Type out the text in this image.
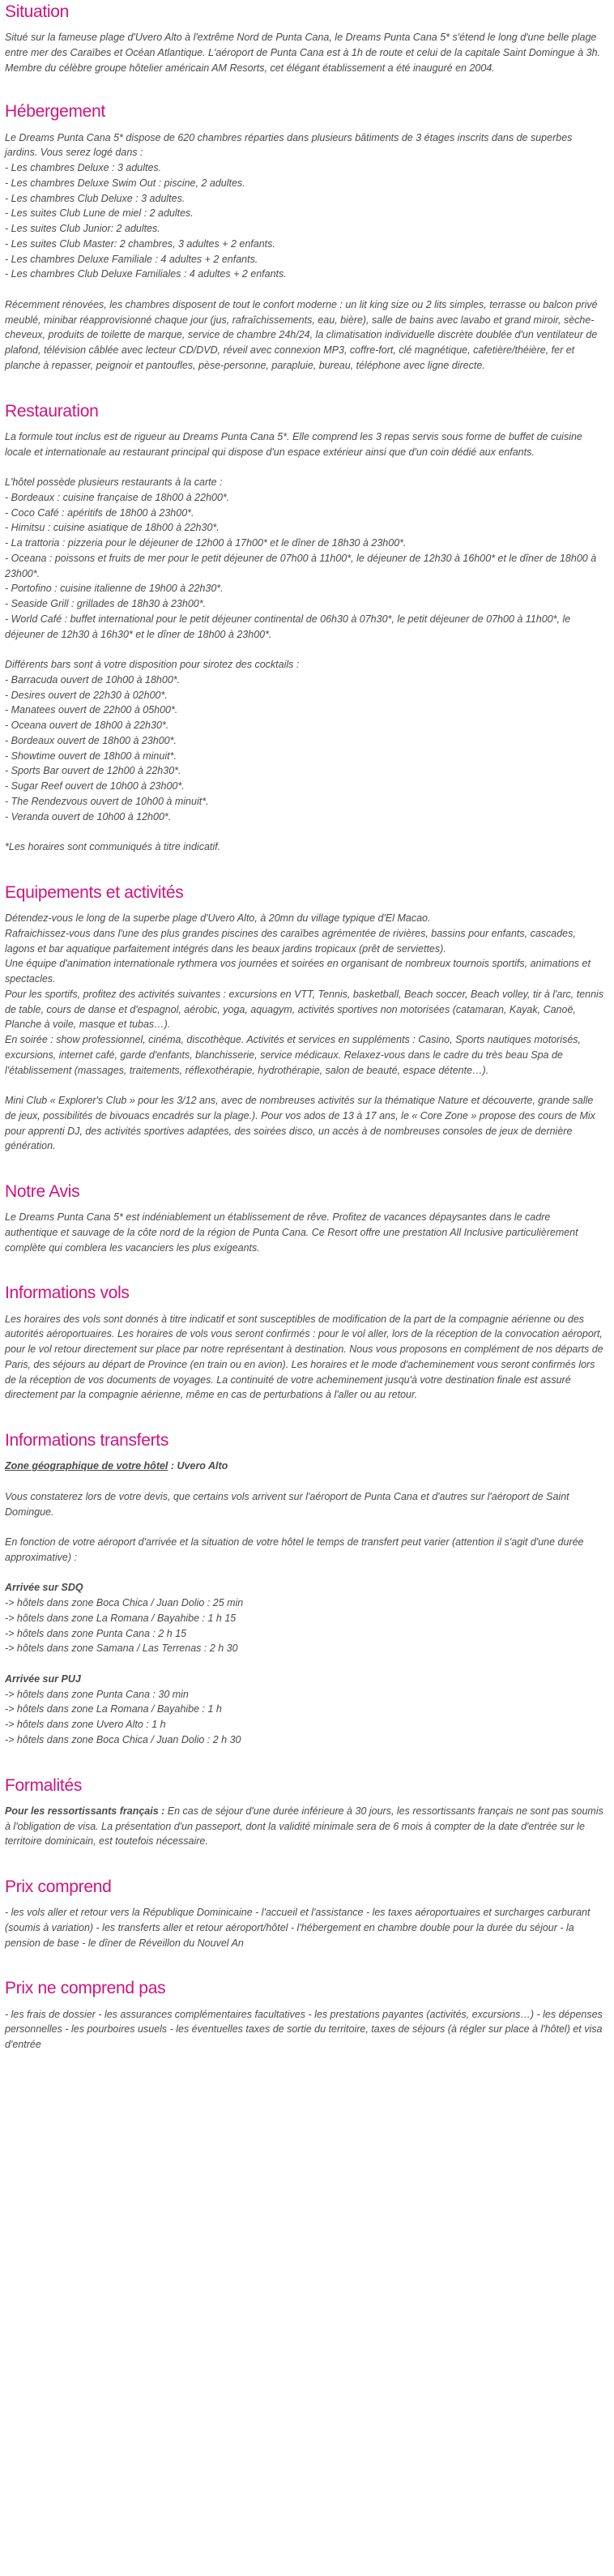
Situation

Situé sur la fameuse plage d'Uvero Alto à l'extrême Nord de Punta Cana, le Dreams Punta Cana 5* s'étend le long d'une belle plage entre mer des Caraïbes et Océan Atlantique. L'aéroport de Punta Cana est à 1h de route et celui de la capitale Saint Domingue à 3h.

Membre du célèbre groupe hôtelier américain AM Resorts, cet élégant établissement a été inauguré en 2004.

Hébergement

Le Dreams Punta Cana 5* dispose de 620 chambres réparties dans plusieurs bâtiments de 3 étages inscrits dans de superbes jardins. Vous serez logé dans :

- Les chambres Deluxe : 3 adultes.
- Les chambres Deluxe Swim Out : piscine, 2 adultes.
- Les chambres Club Deluxe : 3 adultes.
- Les suites Club Lune de miel : 2 adultes.
- Les suites Club Junior: 2 adultes.
- Les suites Club Master: 2 chambres, 3 adultes + 2 enfants.
- Les chambres Deluxe Familiale : 4 adultes + 2 enfants.
- Les chambres Club Deluxe Familiales : 4 adultes + 2 enfants.

Récemment rénovées, les chambres disposent de tout le confort moderne : un lit king size ou 2 lits simples, terrasse ou balcon privé meublé, minibar réapprovisionné chaque jour (jus, rafraîchissements, eau, bière), salle de bains avec lavabo et grand miroir, sèche-cheveux, produits de toilette de marque, service de chambre 24h/24, la climatisation individuelle discrète doublée d'un ventilateur de plafond, télévision câblée avec lecteur CD/DVD, réveil avec connexion MP3, coffre-fort, clé magnétique, cafetière/théière, fer et planche à repasser, peignoir et pantoufles, pèse-personne, parapluie, bureau, téléphone avec ligne directe.

Restauration

La formule tout inclus est de rigueur au Dreams Punta Cana 5*. Elle comprend les 3 repas servis sous forme de buffet de cuisine locale et internationale au restaurant principal qui dispose d'un espace extérieur ainsi que d'un coin dédié aux enfants.

L'hôtel possède plusieurs restaurants à la carte :

- Bordeaux : cuisine française de 18h00 à 22h00*.
- Coco Café : apéritifs de 18h00 à 23h00*.
- Himitsu : cuisine asiatique de 18h00 à 22h30*.
- La trattoria : pizzeria pour le déjeuner de 12h00 à 17h00* et le dîner de 18h30 à 23h00*.
- Oceana : poissons et fruits de mer pour le petit déjeuner de 07h00 à 11h00*, le déjeuner de 12h30 à 16h00* et le dîner de 18h00 à 23h00*.
- Portofino : cuisine italienne de 19h00 à 22h30*.
- Seaside Grill : grillades de 18h30 à 23h00*.
- World Café : buffet international pour le petit déjeuner continental de 06h30 à 07h30*, le petit déjeuner de 07h00 à 11h00*, le déjeuner de 12h30 à 16h30* et le dîner de 18h00 à 23h00*.

Différents bars sont à votre disposition pour sirotez des cocktails :

- Barracuda ouvert de 10h00 à 18h00*.
- Desires ouvert de 22h30 à 02h00*.
- Manatees ouvert de 22h00 à 05h00*.
- Oceana ouvert de 18h00 à 22h30*.
- Bordeaux ouvert de 18h00 à 23h00*.
- Showtime ouvert de 18h00 à minuit*.
- Sports Bar ouvert de 12h00 à 22h30*.
- Sugar Reef ouvert de 10h00 à 23h00*.
- The Rendezvous ouvert de 10h00 à minuit*.
- Veranda ouvert de 10h00 à 12h00*.

*Les horaires sont communiqués à titre indicatif.

Equipements et activités

Détendez-vous le long de la superbe plage d'Uvero Alto, à 20mn du village typique d'El Macao.

Rafraichissez-vous dans l'une des plus grandes piscines des caraïbes agrémentée de rivières, bassins pour enfants, cascades, lagons et bar aquatique parfaitement intégrés dans les beaux jardins tropicaux (prêt de serviettes).

Une équipe d'animation internationale rythmera vos journées et soirées en organisant de nombreux tournois sportifs, animations et spectacles.

Pour les sportifs, profitez des activités suivantes : excursions en VTT, Tennis, basketball, Beach soccer, Beach volley, tir à l'arc, tennis de table, cours de danse et d'espagnol, aérobic, yoga, aquagym, activités sportives non motorisées (catamaran, Kayak, Canoë, Planche à voile, masque et tubas…).

En soirée : show professionnel, cinéma, discothèque. Activités et services en suppléments : Casino, Sports nautiques motorisés, excursions, internet café, garde d'enfants, blanchisserie, service médicaux. Relaxez-vous dans le cadre du très beau Spa de l'établissement (massages, traitements, réflexothérapie, hydrothérapie, salon de beauté, espace détente…).

Mini Club « Explorer's Club » pour les 3/12 ans, avec de nombreuses activités sur la thématique Nature et découverte, grande salle de jeux, possibilités de bivouacs encadrés sur la plage.). Pour vos ados de 13 à 17 ans, le « Core Zone » propose des cours de Mix pour apprenti DJ, des activités sportives adaptées, des soirées disco, un accès à de nombreuses consoles de jeux de dernière génération.

Notre Avis

Le Dreams Punta Cana 5* est indéniablement un établissement de rêve. Profitez de vacances dépaysantes dans le cadre authentique et sauvage de la côte nord de la région de Punta Cana. Ce Resort offre une prestation All Inclusive particulièrement complète qui comblera les vacanciers les plus exigeants.

Informations vols

Les horaires des vols sont donnés à titre indicatif et sont susceptibles de modification de la part de la compagnie aérienne ou des autorités aéroportuaires. Les horaires de vols vous seront confirmés : pour le vol aller, lors de la réception de la convocation aéroport, pour le vol retour directement sur place par notre représentant à destination. Nous vous proposons en complément de nos départs de Paris, des séjours au départ de Province (en train ou en avion). Les horaires et le mode d'acheminement vous seront confirmés lors de la réception de vos documents de voyages. La continuité de votre acheminement jusqu'à votre destination finale est assuré directement par la compagnie aérienne, même en cas de perturbations à l'aller ou au retour.

Informations transferts

Zone géographique de votre hôtel : Uvero Alto

Vous constaterez lors de votre devis, que certains vols arrivent sur l'aéroport de Punta Cana et d'autres sur l'aéroport de Saint Domingue.

En fonction de votre aéroport d'arrivée et la situation de votre hôtel le temps de transfert peut varier (attention il s'agit d'une durée approximative) :

Arrivée sur SDQ

-> hôtels dans zone Boca Chica / Juan Dolio : 25 min
-> hôtels dans zone La Romana / Bayahibe : 1 h 15
-> hôtels dans zone Punta Cana : 2 h 15
-> hôtels dans zone Samana / Las Terrenas : 2 h 30

Arrivée sur PUJ

-> hôtels dans zone Punta Cana : 30 min
-> hôtels dans zone La Romana / Bayahibe : 1 h
-> hôtels dans zone Uvero Alto : 1 h
-> hôtels dans zone Boca Chica / Juan Dolio : 2 h 30
Formalités

Pour les ressortissants français : En cas de séjour d'une durée inférieure à 30 jours, les ressortissants français ne sont pas soumis à l'obligation de visa. La présentation d'un passeport, dont la validité minimale sera de 6 mois à compter de la date d'entrée sur le territoire dominicain, est toutefois nécessaire.

Prix comprend

- les vols aller et retour vers la République Dominicaine - l'accueil et l'assistance - les taxes aéroportuaires et surcharges carburant (soumis à variation) - les transferts aller et retour aéroport/hôtel - l'hébergement en chambre double pour la durée du séjour - la pension de base - le dîner de Réveillon du Nouvel An

Prix ne comprend pas

- les frais de dossier - les assurances complémentaires facultatives - les prestations payantes (activités, excursions…) - les dépenses personnelles - les pourboires usuels - les éventuelles taxes de sortie du territoire, taxes de séjours (à régler sur place à l'hôtel) et visa d'entrée
